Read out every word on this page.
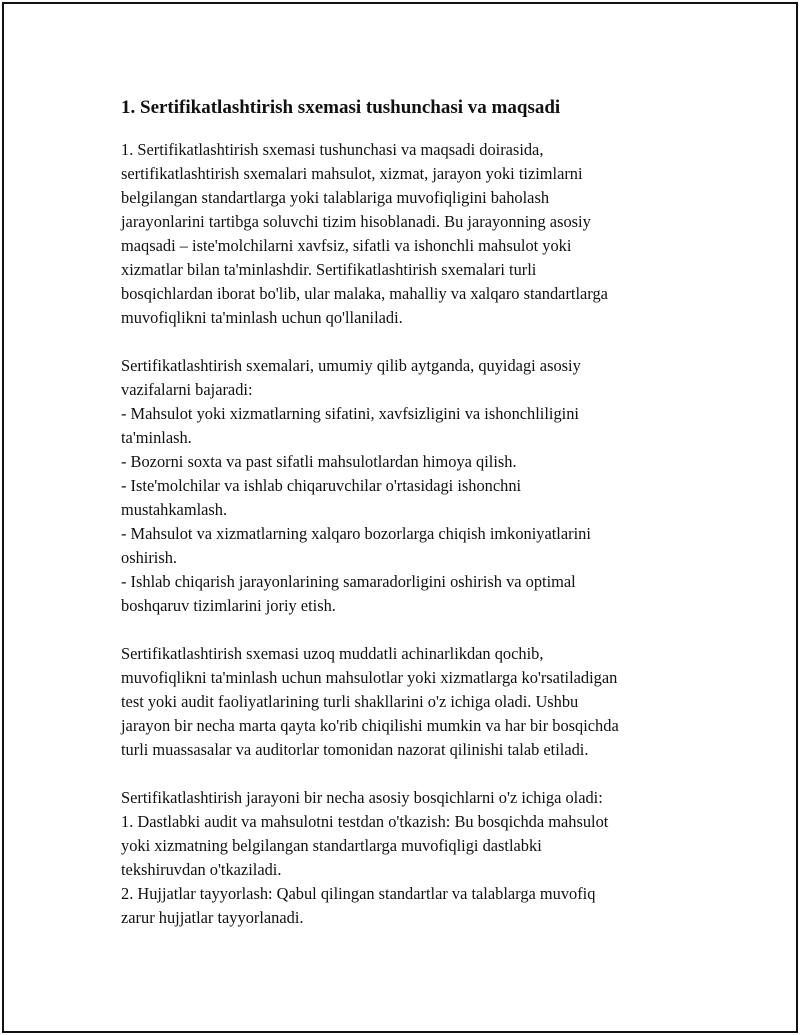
1. Sertifikatlashtirish sxemasi tushunchasi va maqsadi
1. Sertifikatlashtirish sxemasi tushunchasi va maqsadi doirasida,
sertifikatlashtirish sxemalari mahsulot, xizmat, jarayon yoki tizimlarni
belgilangan standartlarga yoki talablariga muvofiqligini baholash
jarayonlarini tartibga soluvchi tizim hisoblanadi. Bu jarayonning asosiy
maqsadi – iste'molchilarni xavfsiz, sifatli va ishonchli mahsulot yoki
xizmatlar bilan ta'minlashdir. Sertifikatlashtirish sxemalari turli
bosqichlardan iborat bo'lib, ular malaka, mahalliy va xalqaro standartlarga
muvofiqlikni ta'minlash uchun qo'llaniladi.
Sertifikatlashtirish sxemalari, umumiy qilib aytganda, quyidagi asosiy
vazifalarni bajaradi:
- Mahsulot yoki xizmatlarning sifatini, xavfsizligini va ishonchliligini
ta'minlash.
- Bozorni soxta va past sifatli mahsulotlardan himoya qilish.
- Iste'molchilar va ishlab chiqaruvchilar o'rtasidagi ishonchni
mustahkamlash.
- Mahsulot va xizmatlarning xalqaro bozorlarga chiqish imkoniyatlarini
oshirish.
- Ishlab chiqarish jarayonlarining samaradorligini oshirish va optimal
boshqaruv tizimlarini joriy etish.
Sertifikatlashtirish sxemasi uzoq muddatli achinarlikdan qochib,
muvofiqlikni ta'minlash uchun mahsulotlar yoki xizmatlarga ko'rsatiladigan
test yoki audit faoliyatlarining turli shakllarini o'z ichiga oladi. Ushbu
jarayon bir necha marta qayta ko'rib chiqilishi mumkin va har bir bosqichda
turli muassasalar va auditorlar tomonidan nazorat qilinishi talab etiladi.
Sertifikatlashtirish jarayoni bir necha asosiy bosqichlarni o'z ichiga oladi:
1. Dastlabki audit va mahsulotni testdan o'tkazish: Bu bosqichda mahsulot
yoki xizmatning belgilangan standartlarga muvofiqligi dastlabki
tekshiruvdan o'tkaziladi.
2. Hujjatlar tayyorlash: Qabul qilingan standartlar va talablarga muvofiq
zarur hujjatlar tayyorlanadi.
